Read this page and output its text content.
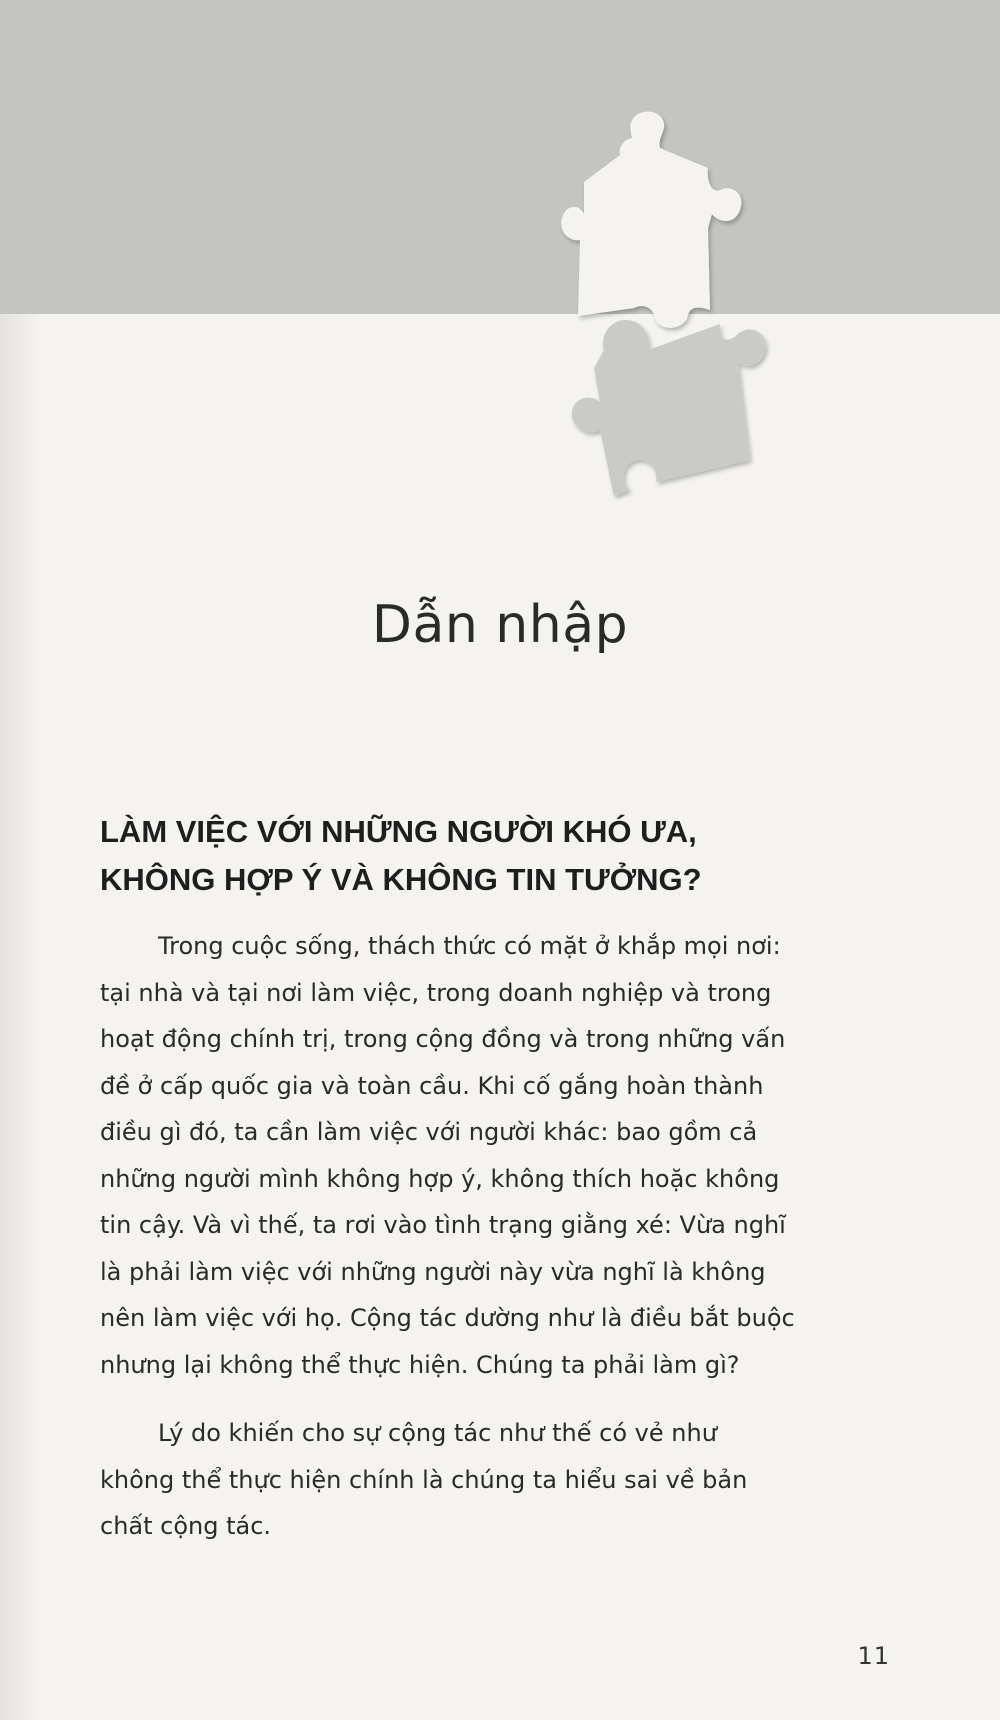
Dẫn nhập
LÀM VIỆC VỚI NHỮNG NGƯỜI KHÓ ƯA,
KHÔNG HỢP Ý VÀ KHÔNG TIN TƯỞNG?
Trong cuộc sống, thách thức có mặt ở khắp mọi nơi:
tại nhà và tại nơi làm việc, trong doanh nghiệp và trong
hoạt động chính trị, trong cộng đồng và trong những vấn
đề ở cấp quốc gia và toàn cầu. Khi cố gắng hoàn thành
điều gì đó, ta cần làm việc với người khác: bao gồm cả
những người mình không hợp ý, không thích hoặc không
tin cậy. Và vì thế, ta rơi vào tình trạng giằng xé: Vừa nghĩ
là phải làm việc với những người này vừa nghĩ là không
nên làm việc với họ. Cộng tác dường như là điều bắt buộc
nhưng lại không thể thực hiện. Chúng ta phải làm gì?
Lý do khiến cho sự cộng tác như thế có vẻ như
không thể thực hiện chính là chúng ta hiểu sai về bản
chất cộng tác.
11
